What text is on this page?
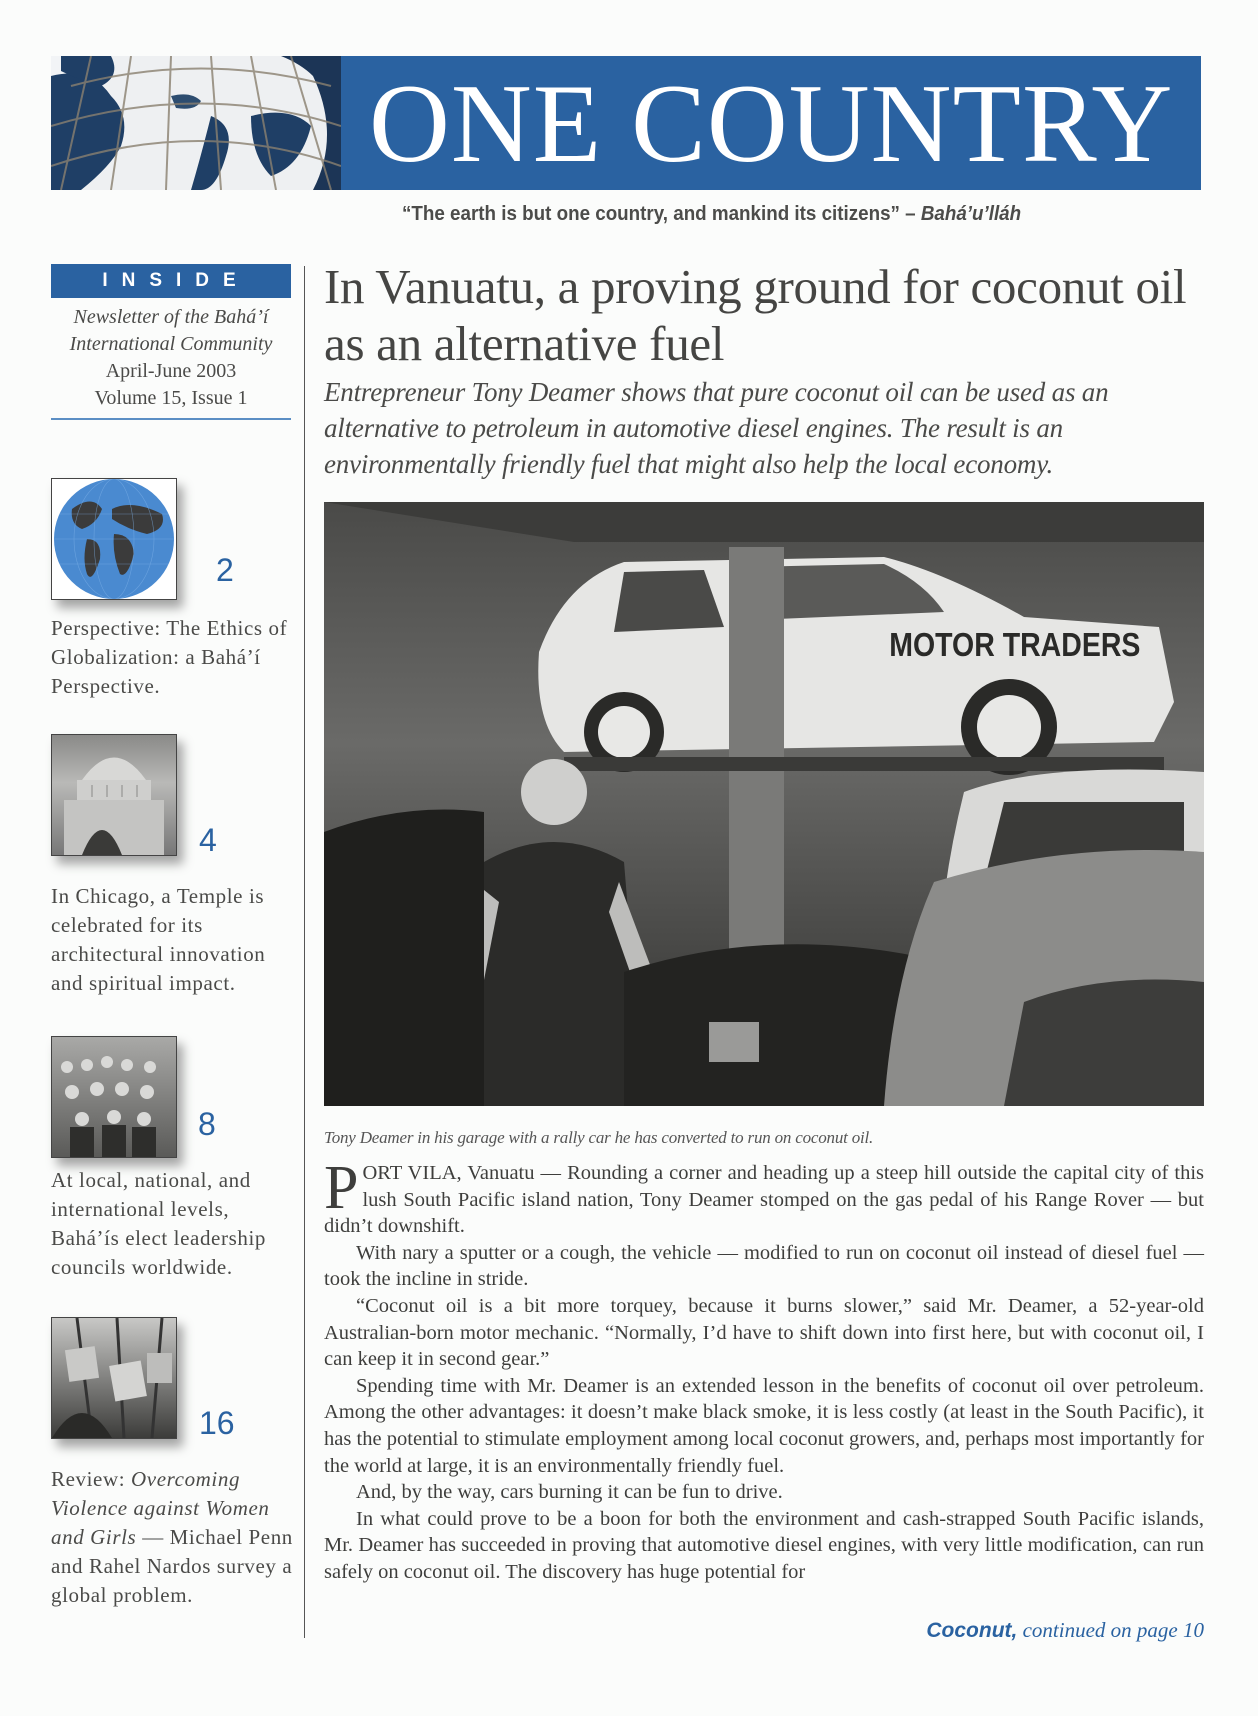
ONE COUNTRY
“The earth is but one country, and mankind its citizens” – Bahá’u’lláh
INSIDE
Newsletter of the Bahá’í
International Community
April-June 2003
Volume 15, Issue 1
2
Perspective: The Ethics of Globalization: a Bahá’í Perspective.
4
In Chicago, a Temple is celebrated for its architectural innovation and spiritual impact.
8
At local, national, and international levels, Bahá’ís elect leadership councils worldwide.
16
Review: Overcoming Violence against Women and Girls — Michael Penn and Rahel Nardos survey a global problem.
In Vanuatu, a proving ground for coconut oil as an alternative fuel
Entrepreneur Tony Deamer shows that pure coconut oil can be used as an alternative to petroleum in automotive diesel engines. The result is an environmentally friendly fuel that might also help the local economy.
MOTOR TRADERS
Tony Deamer in his garage with a rally car he has converted to run on coconut oil.

PORT VILA, Vanuatu — Rounding a corner and heading up a steep hill outside the capital city of this lush South Pacific island nation, Tony Deamer stomped on the gas pedal of his Range Rover — but didn’t downshift.

With nary a sputter or a cough, the vehicle — modified to run on coconut oil instead of diesel fuel — took the incline in stride.

“Coconut oil is a bit more torquey, because it burns slower,” said Mr. Deamer, a 52-year-old Australian-born motor mechanic. “Normally, I’d have to shift down into first here, but with coconut oil, I can keep it in second gear.”

Spending time with Mr. Deamer is an extended lesson in the benefits of coconut oil over petroleum. Among the other advantages: it doesn’t make black smoke, it is less costly (at least in the South Pacific), it has the potential to stimulate employment among local coconut growers, and, perhaps most importantly for the world at large, it is an environmentally friendly fuel.

And, by the way, cars burning it can be fun to drive.

In what could prove to be a boon for both the environment and cash-strapped South Pacific islands, Mr. Deamer has succeeded in proving that automotive diesel engines, with very little modification, can run safely on coconut oil. The discovery has huge potential for

Coconut, continued on page 10
